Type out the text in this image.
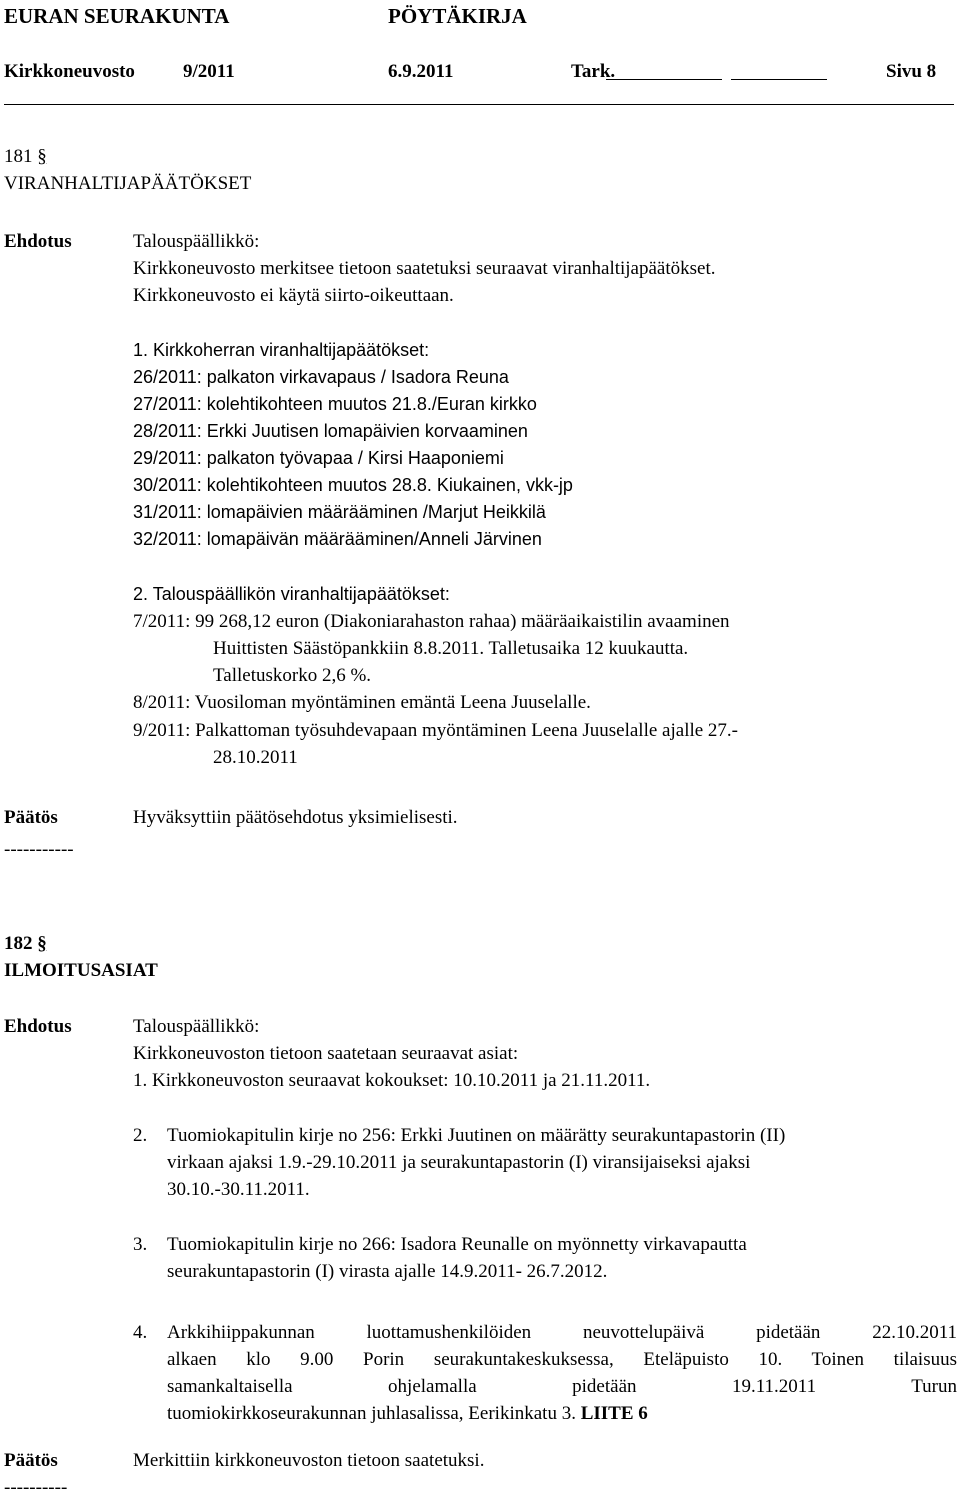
EURAN SEURAKUNTA	PÖYTÄKIRJA
Kirkkoneuvosto	9/2011	6.9.2011	Tark.	Sivu 8
181 §
VIRANHALTIJAPÄÄTÖKSET
Ehdotus	Talouspäällikkö:
Kirkkoneuvosto merkitsee tietoon saatetuksi seuraavat viranhaltijapäätökset.
Kirkkoneuvosto ei käytä siirto-oikeuttaan.
1. Kirkkoherran viranhaltijapäätökset:
26/2011: palkaton virkavapaus / Isadora Reuna
27/2011: kolehtikohteen muutos 21.8./Euran kirkko
28/2011: Erkki Juutisen lomapäivien korvaaminen
29/2011: palkaton työvapaa / Kirsi Haaponiemi
30/2011: kolehtikohteen muutos 28.8. Kiukainen, vkk-jp
31/2011: lomapäivien määrääminen /Marjut Heikkilä
32/2011: lomapäivän määrääminen/Anneli Järvinen
2. Talouspäällikön viranhaltijapäätökset:
7/2011: 99 268,12 euron (Diakoniarahaston rahaa) määräaikaistilin avaaminen
Huittisten Säästöpankkiin 8.8.2011. Talletusaika 12 kuukautta.
Talletuskorko 2,6 %.
8/2011: Vuosiloman myöntäminen emäntä Leena Juuselalle.
9/2011: Palkattoman työsuhdevapaan myöntäminen Leena Juuselalle ajalle 27.-
28.10.2011
Päätös	Hyväksyttiin päätösehdotus yksimielisesti.
-----------
182 §
ILMOITUSASIAT
Ehdotus	Talouspäällikkö:
Kirkkoneuvoston tietoon saatetaan seuraavat asiat:
1. Kirkkoneuvoston seuraavat kokoukset: 10.10.2011 ja 21.11.2011.
2. Tuomiokapitulin kirje no 256: Erkki Juutinen on määrätty seurakuntapastorin (II)
virkaan ajaksi 1.9.-29.10.2011 ja seurakuntapastorin (I) viransijaiseksi ajaksi
30.10.-30.11.2011.
3. Tuomiokapitulin kirje no 266: Isadora Reunalle on myönnetty virkavapautta
seurakuntapastorin (I) virasta ajalle 14.9.2011- 26.7.2012.
4. Arkkihiippakunnan luottamushenkilöiden neuvottelupäivä pidetään 22.10.2011
alkaen klo 9.00 Porin seurakuntakeskuksessa, Eteläpuisto 10. Toinen tilaisuus
samankaltaisella ohjelamalla pidetään 19.11.2011 Turun
tuomiokirkkoseurakunnan juhlasalissa, Eerikinkatu 3. LIITE 6
Päätös	Merkittiin kirkkoneuvoston tietoon saatetuksi.
----------
